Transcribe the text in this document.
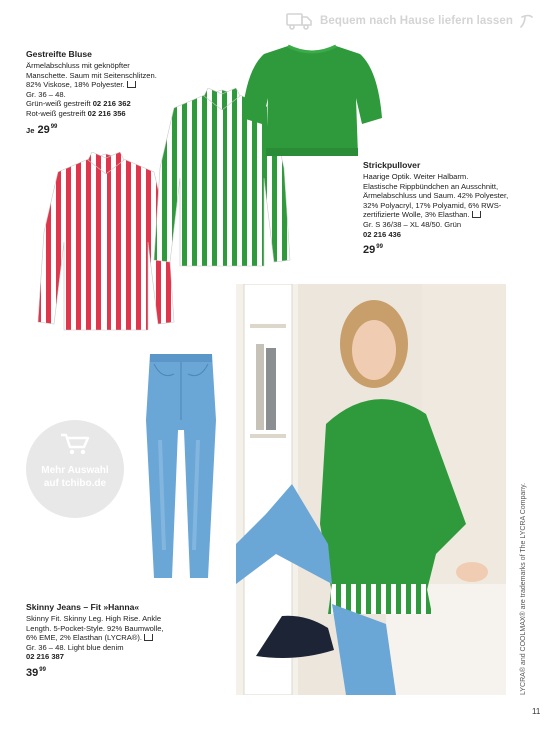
Bequem nach Hause liefern lassen
Gestreifte Bluse
Ärmelabschluss mit geknöpfter
Manschette. Saum mit Seitenschlitzen.
82% Viskose, 18% Polyester.
Gr. 36 – 48.
Grün-weiß gestreift 02 216 362
Rot-weiß gestreift 02 216 356
Je $29^{99}$
Strickpullover
Haarige Optik. Weiter Halbarm.
Elastische Rippbündchen an Ausschnitt,
Ärmelabschluss und Saum. 42% Polyester,
32% Polyacryl, 17% Polyamid, 6% RWS-
zertifizierte Wolle, 3% Elasthan.
Gr. S 36/38 – XL 48/50. Grün
02 216 436
$29^{99}$
Skinny Jeans – Fit »Hanna«
Skinny Fit. Skinny Leg. High Rise. Ankle
Length. 5-Pocket-Style. 92% Baumwolle,
6% EME, 2% Elasthan (LYCRA®).
Gr. 36 – 48. Light blue denim
02 216 387
$39^{99}$
Mehr Auswahl
auf tchibo.de	LYCRA® and COOLMAX® are trademarks of The LYCRA Company.
11
